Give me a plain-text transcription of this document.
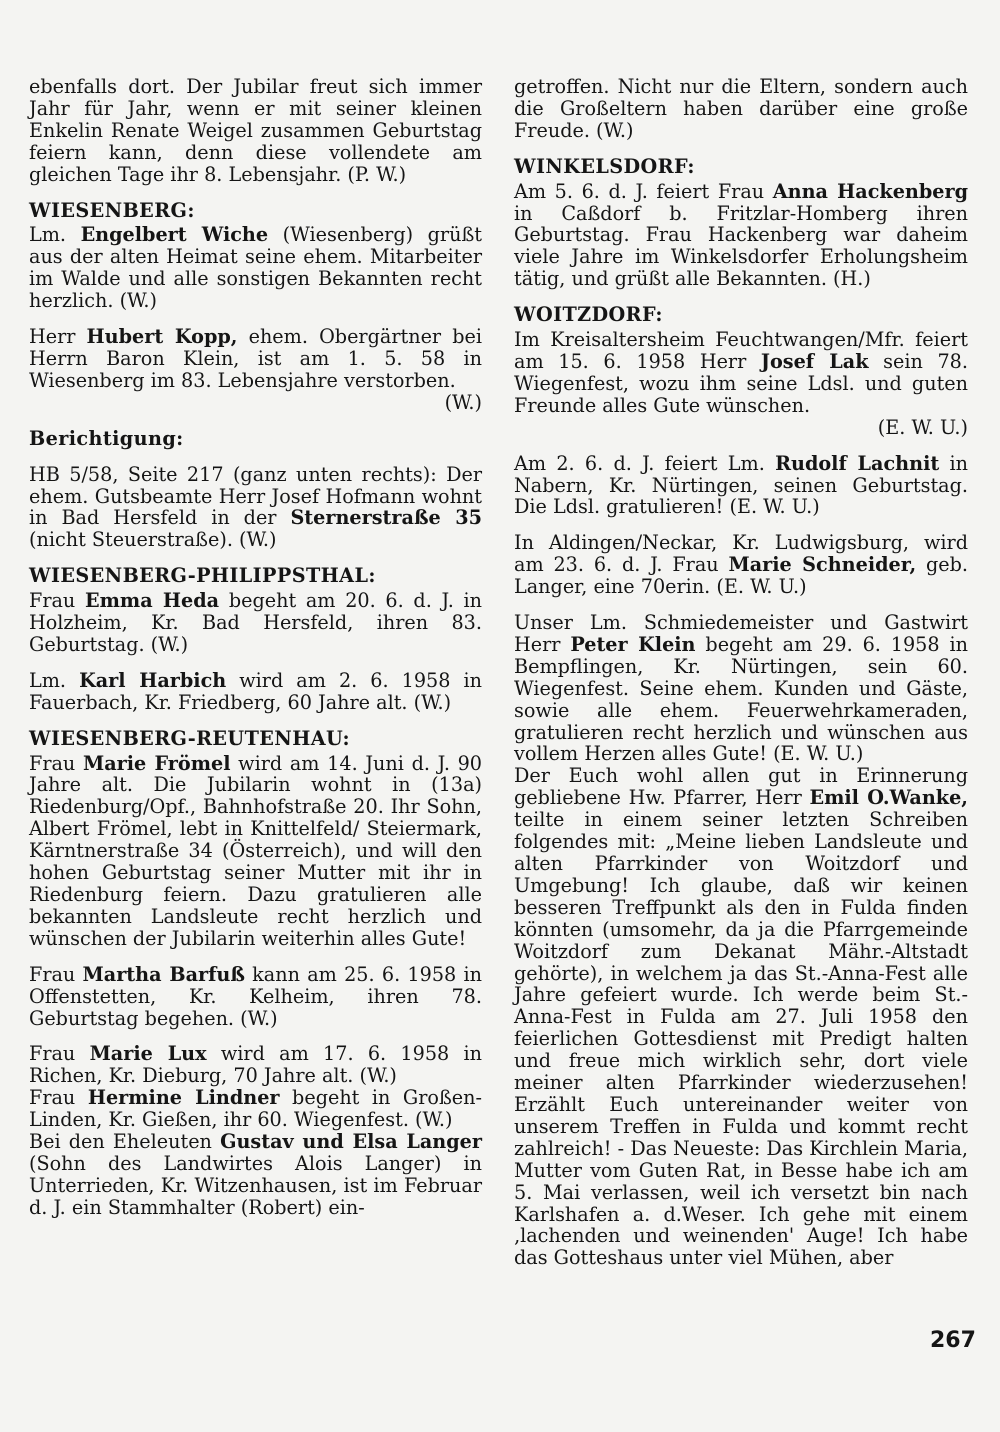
ebenfalls dort. Der Jubilar freut sich immer Jahr für Jahr, wenn er mit seiner kleinen Enkelin Renate Weigel zusammen Geburtstag feiern kann, denn diese vollendete am gleichen Tage ihr 8. Lebensjahr. (P. W.)

WIESENBERG:

Lm. Engelbert Wiche (Wiesenberg) grüßt aus der alten Heimat seine ehem. Mitarbeiter im Walde und alle sonstigen Bekannten recht herzlich. (W.)

Herr Hubert Kopp, ehem. Obergärtner bei Herrn Baron Klein, ist am 1. 5. 58 in Wiesenberg im 83. Lebensjahre verstorben.

(W.)

Berichtigung:

HB 5/58, Seite 217 (ganz unten rechts): Der ehem. Gutsbeamte Herr Josef Hofmann wohnt in Bad Hersfeld in der Sternerstraße 35 (nicht Steuerstraße). (W.)

WIESENBERG-PHILIPPSTHAL:

Frau Emma Heda begeht am 20. 6. d. J. in Holzheim, Kr. Bad Hersfeld, ihren 83. Geburtstag. (W.)

Lm. Karl Harbich wird am 2. 6. 1958 in Fauerbach, Kr. Friedberg, 60 Jahre alt. (W.)

WIESENBERG-REUTENHAU:

Frau Marie Frömel wird am 14. Juni d. J. 90 Jahre alt. Die Jubilarin wohnt in (13a) Riedenburg/Opf., Bahnhofstraße 20. Ihr Sohn, Albert Frömel, lebt in Knittelfeld/ Steiermark, Kärntnerstraße 34 (Österreich), und will den hohen Geburtstag seiner Mutter mit ihr in Riedenburg feiern. Dazu gratulieren alle bekannten Landsleute recht herzlich und wünschen der Jubilarin weiterhin alles Gute!

Frau Martha Barfuß kann am 25. 6. 1958 in Offenstetten, Kr. Kelheim, ihren 78. Geburtstag begehen. (W.)

Frau Marie Lux wird am 17. 6. 1958 in Richen, Kr. Dieburg, 70 Jahre alt. (W.)

Frau Hermine Lindner begeht in Großen-Linden, Kr. Gießen, ihr 60. Wiegenfest. (W.)

Bei den Eheleuten Gustav und Elsa Langer (Sohn des Landwirtes Alois Langer) in Unterrieden, Kr. Witzenhausen, ist im Februar d. J. ein Stammhalter (Robert) ein-

getroffen. Nicht nur die Eltern, sondern auch die Großeltern haben darüber eine große Freude. (W.)

WINKELSDORF:

Am 5. 6. d. J. feiert Frau Anna Hackenberg in Caßdorf b. Fritzlar-Homberg ihren Geburtstag. Frau Hackenberg war daheim viele Jahre im Winkelsdorfer Erholungsheim tätig, und grüßt alle Bekannten. (H.)

WOITZDORF:

Im Kreisaltersheim Feuchtwangen/Mfr. feiert am 15. 6. 1958 Herr Josef Lak sein 78. Wiegenfest, wozu ihm seine Ldsl. und guten Freunde alles Gute wünschen.

(E. W. U.)

Am 2. 6. d. J. feiert Lm. Rudolf Lachnit in Nabern, Kr. Nürtingen, seinen Geburtstag. Die Ldsl. gratulieren! (E. W. U.)

In Aldingen/Neckar, Kr. Ludwigsburg, wird am 23. 6. d. J. Frau Marie Schneider, geb. Langer, eine 70erin. (E. W. U.)

Unser Lm. Schmiedemeister und Gastwirt Herr Peter Klein begeht am 29. 6. 1958 in Bempflingen, Kr. Nürtingen, sein 60. Wiegenfest. Seine ehem. Kunden und Gäste, sowie alle ehem. Feuerwehrkameraden, gratulieren recht herzlich und wünschen aus vollem Herzen alles Gute! (E. W. U.)

Der Euch wohl allen gut in Erinnerung gebliebene Hw. Pfarrer, Herr Emil O.Wanke, teilte in einem seiner letzten Schreiben folgendes mit: „Meine lieben Landsleute und alten Pfarrkinder von Woitzdorf und Umgebung! Ich glaube, daß wir keinen besseren Treffpunkt als den in Fulda finden könnten (umsomehr, da ja die Pfarrgemeinde Woitzdorf zum Dekanat Mähr.-Altstadt gehörte), in welchem ja das St.-Anna-Fest alle Jahre gefeiert wurde. Ich werde beim St.-Anna-Fest in Fulda am 27. Juli 1958 den feierlichen Gottesdienst mit Predigt halten und freue mich wirklich sehr, dort viele meiner alten Pfarrkinder wiederzusehen! Erzählt Euch untereinander weiter von unserem Treffen in Fulda und kommt recht zahlreich! - Das Neueste: Das Kirchlein Maria, Mutter vom Guten Rat, in Besse habe ich am 5. Mai verlassen, weil ich versetzt bin nach Karlshafen a. d.Weser. Ich gehe mit einem ‚lachenden und weinenden' Auge! Ich habe das Gotteshaus unter viel Mühen, aber

267
